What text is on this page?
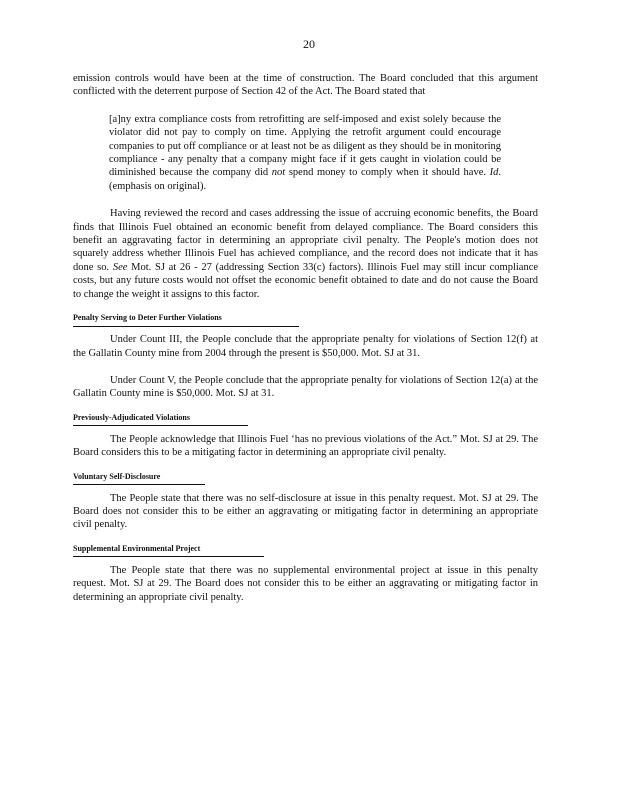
20

emission controls would have been at the time of construction. The Board concluded that this argument conflicted with the deterrent purpose of Section 42 of the Act. The Board stated that

[a]ny extra compliance costs from retrofitting are self-imposed and exist solely because the violator did not pay to comply on time. Applying the retrofit argument could encourage companies to put off compliance or at least not be as diligent as they should be in monitoring compliance - any penalty that a company might face if it gets caught in violation could be diminished because the company did not spend money to comply when it should have. Id. (emphasis on original).

Having reviewed the record and cases addressing the issue of accruing economic benefits, the Board finds that Illinois Fuel obtained an economic benefit from delayed compliance. The Board considers this benefit an aggravating factor in determining an appropriate civil penalty. The People's motion does not squarely address whether Illinois Fuel has achieved compliance, and the record does not indicate that it has done so. See Mot. SJ at 26 - 27 (addressing Section 33(c) factors). Illinois Fuel may still incur compliance costs, but any future costs would not offset the economic benefit obtained to date and do not cause the Board to change the weight it assigns to this factor.

Penalty Serving to Deter Further Violations

Under Count III, the People conclude that the appropriate penalty for violations of Section 12(f) at the Gallatin County mine from 2004 through the present is $50,000. Mot. SJ at 31.

Under Count V, the People conclude that the appropriate penalty for violations of Section 12(a) at the Gallatin County mine is $50,000. Mot. SJ at 31.

Previously-Adjudicated Violations

The People acknowledge that Illinois Fuel ‘has no previous violations of the Act.” Mot. SJ at 29. The Board considers this to be a mitigating factor in determining an appropriate civil penalty.

Voluntary Self-Disclosure

The People state that there was no self-disclosure at issue in this penalty request. Mot. SJ at 29. The Board does not consider this to be either an aggravating or mitigating factor in determining an appropriate civil penalty.

Supplemental Environmental Project

The People state that there was no supplemental environmental project at issue in this penalty request. Mot. SJ at 29. The Board does not consider this to be either an aggravating or mitigating factor in determining an appropriate civil penalty.
